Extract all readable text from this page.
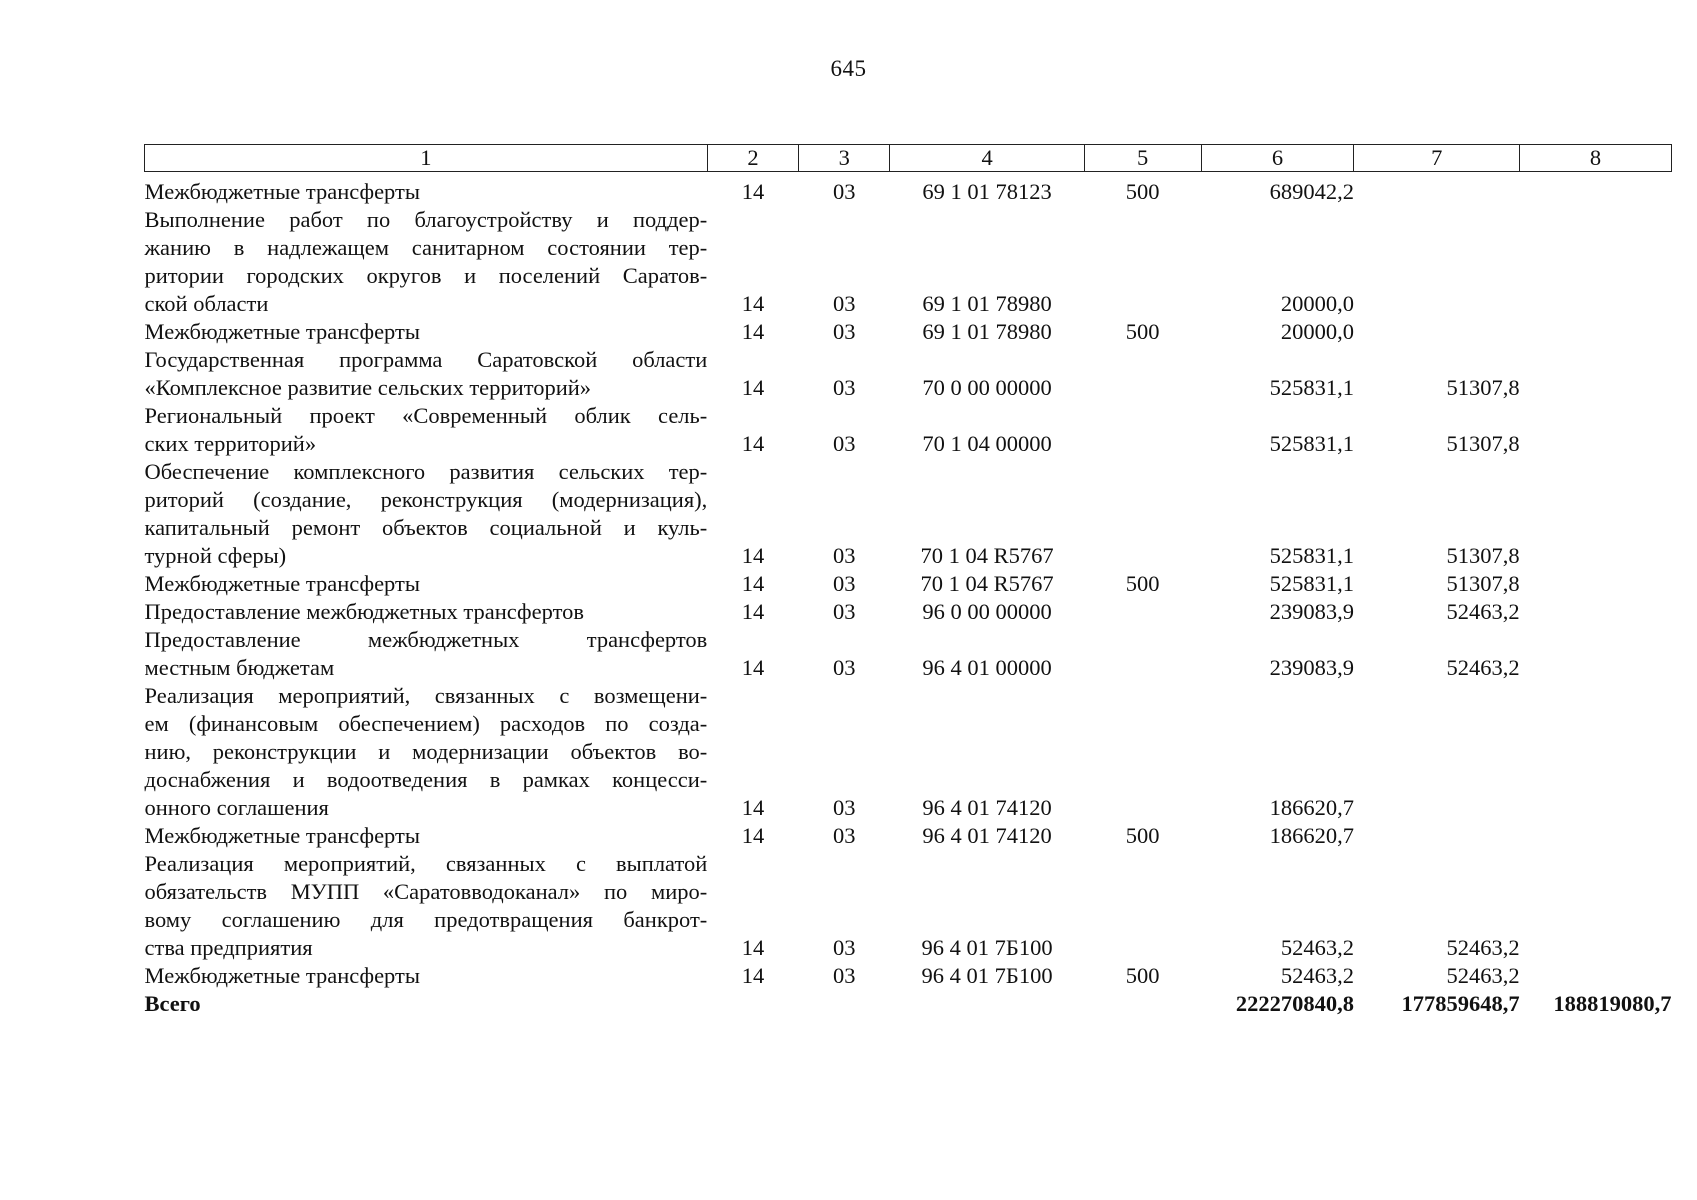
645
1	2	3	4	5	6	7	8

Межбюджетные трансферты	14	03	69 1 01 78123	500	689042,2		

Выполнение работ по благоустройству и поддер-
жанию в надлежащем санитарном состоянии тер-
ритории городских округов и поселений Саратов-
ской области	14	03	69 1 01 78980		20000,0		

Межбюджетные трансферты	14	03	69 1 01 78980	500	20000,0		

Государственная программа Саратовской области
«Комплексное развитие сельских территорий»	14	03	70 0 00 00000		525831,1	51307,8	

Региональный проект «Современный облик сель-
ских территорий»	14	03	70 1 04 00000		525831,1	51307,8	

Обеспечение комплексного развития сельских тер-
риторий (создание, реконструкция (модернизация),
капитальный ремонт объектов социальной и куль-
турной сферы)	14	03	70 1 04 R5767		525831,1	51307,8	

Межбюджетные трансферты	14	03	70 1 04 R5767	500	525831,1	51307,8	

Предоставление межбюджетных трансфертов	14	03	96 0 00 00000		239083,9	52463,2	

Предоставление межбюджетных трансфертов
местным бюджетам	14	03	96 4 01 00000		239083,9	52463,2	

Реализация мероприятий, связанных с возмещени-
ем (финансовым обеспечением) расходов по созда-
нию, реконструкции и модернизации объектов во-
доснабжения и водоотведения в рамках концесси-
онного соглашения	14	03	96 4 01 74120		186620,7		

Межбюджетные трансферты	14	03	96 4 01 74120	500	186620,7		

Реализация мероприятий, связанных с выплатой
обязательств МУПП «Саратовводоканал» по миро-
вому соглашению для предотвращения банкрот-
ства предприятия	14	03	96 4 01 7Б100		52463,2	52463,2	

Межбюджетные трансферты	14	03	96 4 01 7Б100	500	52463,2	52463,2	

Всего					222270840,8	177859648,7	188819080,7
